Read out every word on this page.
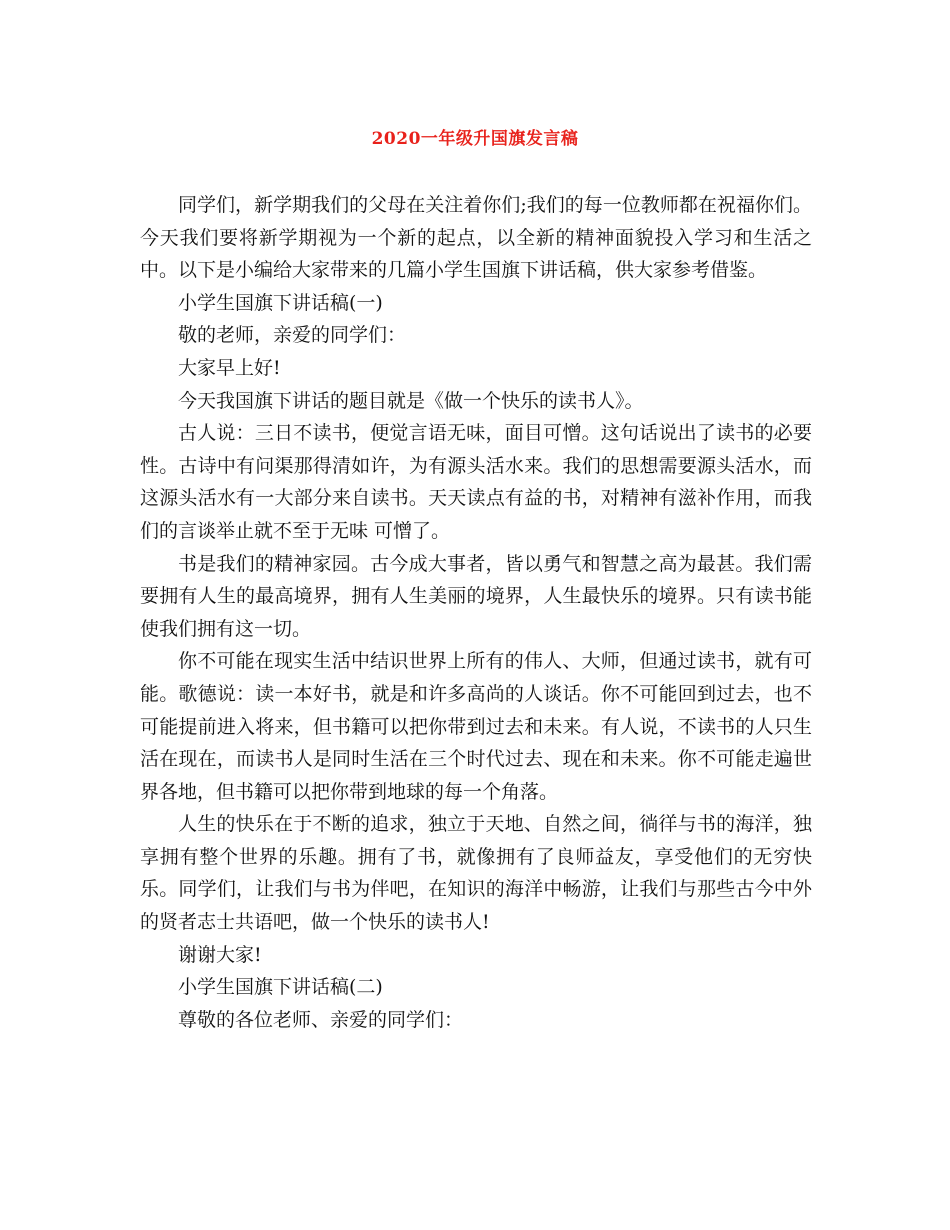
2020一年级升国旗发言稿

同学们，新学期我们的父母在关注着你们;我们的每一位教师都在祝福你们。今天我们要将新学期视为一个新的起点，以全新的精神面貌投入学习和生活之中。以下是小编给大家带来的几篇小学生国旗下讲话稿，供大家参考借鉴。

小学生国旗下讲话稿(一)

敬的老师，亲爱的同学们：

大家早上好!

今天我国旗下讲话的题目就是《做一个快乐的读书人》。

古人说：三日不读书，便觉言语无味，面目可憎。这句话说出了读书的必要性。古诗中有问渠那得清如许，为有源头活水来。我们的思想需要源头活水，而这源头活水有一大部分来自读书。天天读点有益的书，对精神有滋补作用，而我们的言谈举止就不至于无味 可憎了。

书是我们的精神家园。古今成大事者，皆以勇气和智慧之高为最甚。我们需要拥有人生的最高境界，拥有人生美丽的境界，人生最快乐的境界。只有读书能使我们拥有这一切。

你不可能在现实生活中结识世界上所有的伟人、大师，但通过读书，就有可能。歌德说：读一本好书，就是和许多高尚的人谈话。你不可能回到过去，也不可能提前进入将来，但书籍可以把你带到过去和未来。有人说，不读书的人只生活在现在，而读书人是同时生活在三个时代过去、现在和未来。你不可能走遍世界各地，但书籍可以把你带到地球的每一个角落。

人生的快乐在于不断的追求，独立于天地、自然之间，徜徉与书的海洋，独享拥有整个世界的乐趣。拥有了书，就像拥有了良师益友，享受他们的无穷快乐。同学们，让我们与书为伴吧，在知识的海洋中畅游，让我们与那些古今中外的贤者志士共语吧，做一个快乐的读书人!

谢谢大家!

小学生国旗下讲话稿(二)

尊敬的各位老师、亲爱的同学们：
